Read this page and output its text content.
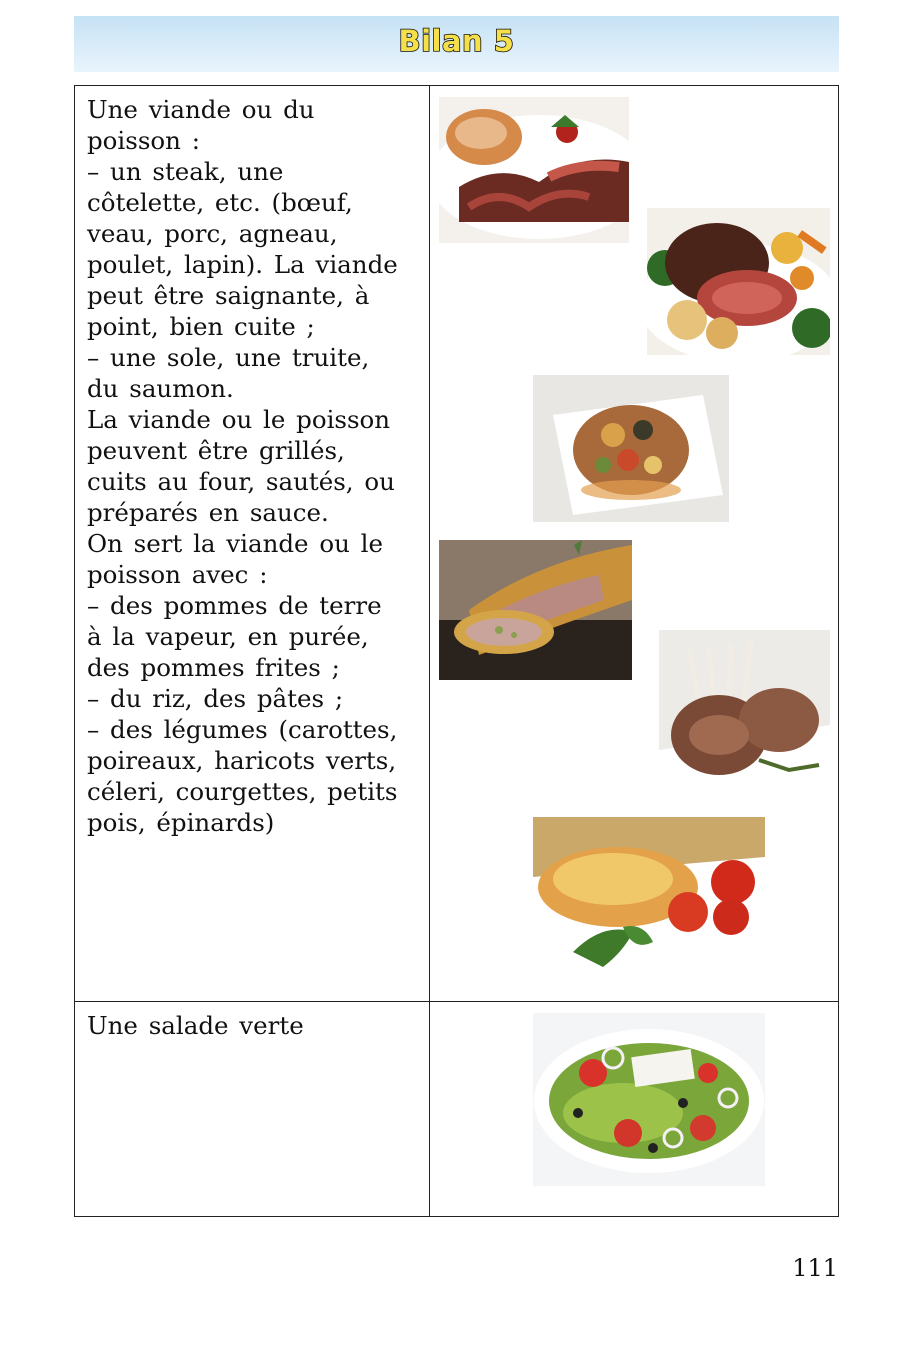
Bilan 5
Une viande ou du
poisson :
– un steak, une
côtelette, etc. (bœuf,
veau, porc, agneau,
poulet, lapin). La viande
peut être saignante, à
point, bien cuite ;
– une sole, une truite,
du saumon.
La viande ou le poisson
peuvent être grillés,
cuits au four, sautés, ou
préparés en sauce.
On sert la viande ou le
poisson avec :
– des pommes de terre
à la vapeur, en purée,
des pommes frites ;
– du riz, des pâtes ;
– des légumes (carottes,
poireaux, haricots verts,
céleri, courgettes, petits
pois, épinards)
Une salade verte
111
